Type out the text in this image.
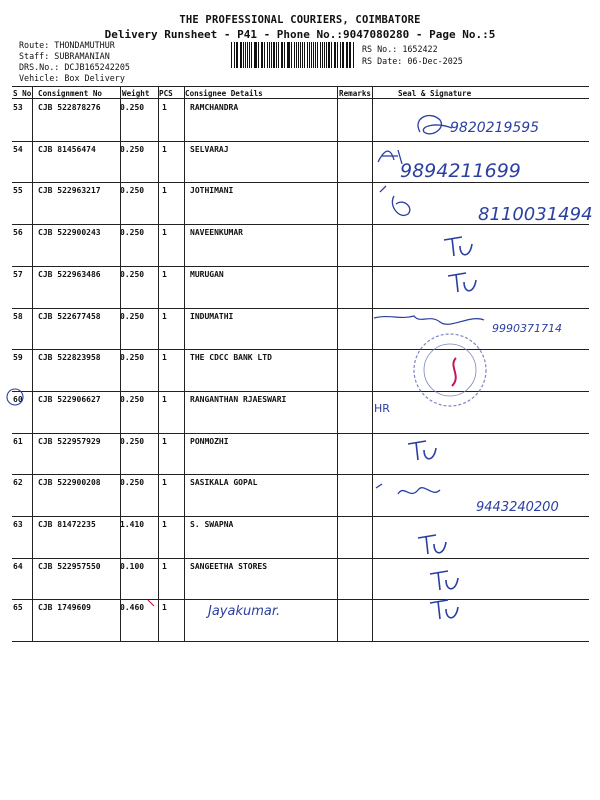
THE PROFESSIONAL COURIERS, COIMBATORE
Delivery Runsheet - P41 - Phone No.:9047080280 - Page No.:5
Route: THONDAMUTHUR
Staff: SUBRAMANIAN
DRS.No.: DCJB165242205
Vehicle: Box Delivery
RS No.: 1652422
RS Date: 06-Dec-2025
S No Consignment No	Weight PCS Consignee Details	Remarks	Seal & Signature
53 CJB 522878276 0.250 1	RAMCHANDRA
54 CJB 81456474	0.250 1	SELVARAJ
55 CJB 522963217 0.250 1	JOTHIMANI
56 CJB 522900243 0.250 1	NAVEENKUMAR
57 CJB 522963486 0.250 1	MURUGAN
58 CJB 522677458 0.250 1	INDUMATHI
59 CJB 522823958 0.250 1	THE CDCC BANK LTD
60 CJB 522906627 0.250 1	RANGANTHAN RJAESWARI
61 CJB 522957929 0.250 1	PONMOZHI
62 CJB 522900208 0.250 1	SASIKALA GOPAL
63 CJB 81472235	1.410 1	S. SWAPNA
64 CJB 522957550 0.100 1	SANGEETHA STORES
65 CJB 1749609	0.460 1	Jayakumar.
9820219595
9894211699
8110031494
9990371714
HR
9443240200
